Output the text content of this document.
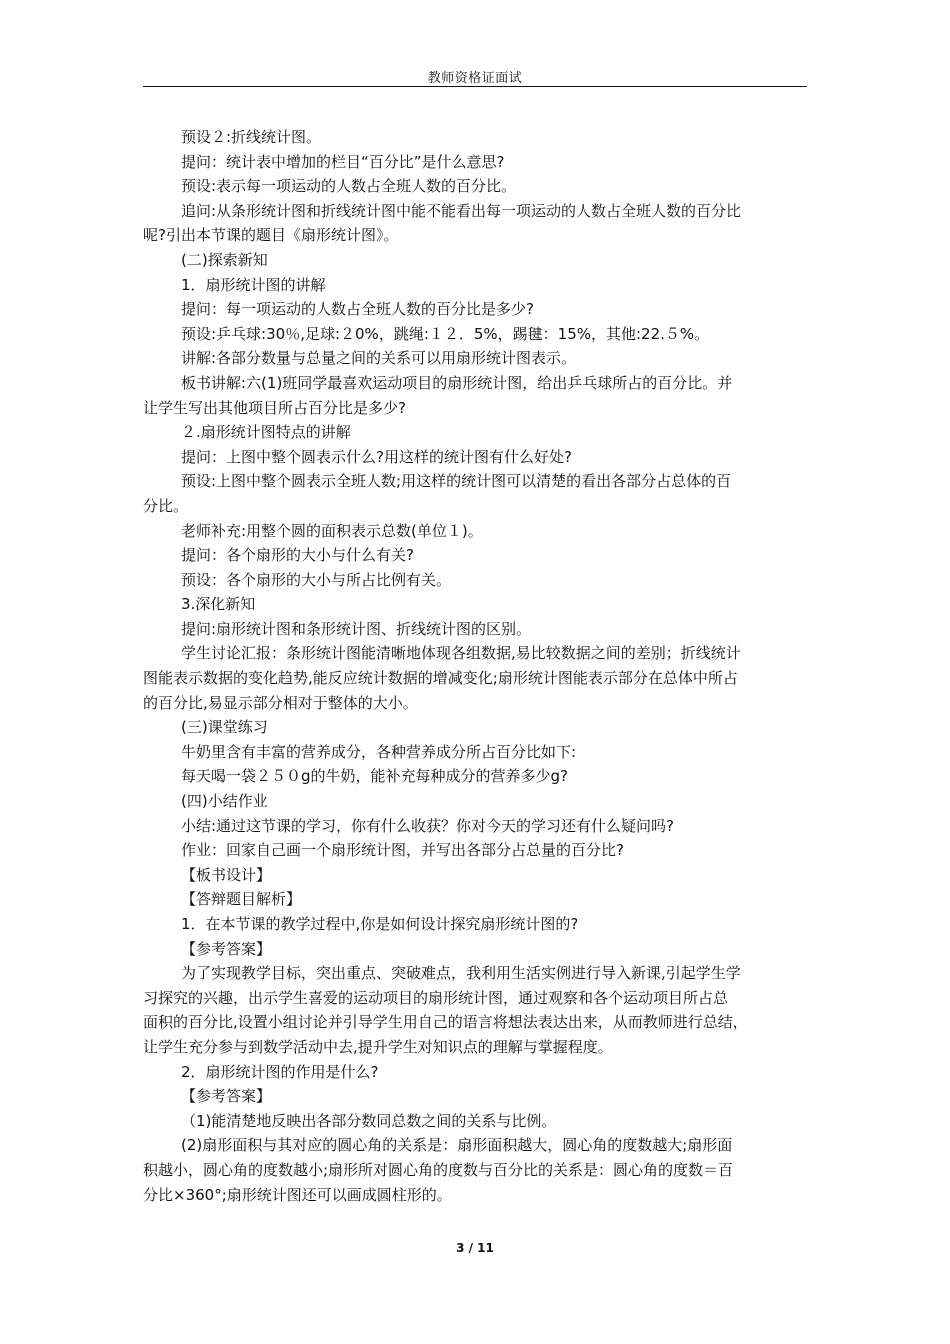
教师资格证面试
预设２:折线统计图。
提问：统计表中增加的栏目“百分比”是什么意思?
预设:表示每一项运动的人数占全班人数的百分比。
追问:从条形统计图和折线统计图中能不能看出每一项运动的人数占全班人数的百分比
呢?引出本节课的题目《扇形统计图》。
(二)探索新知
1．扇形统计图的讲解
提问：每一项运动的人数占全班人数的百分比是多少?
预设:乒乓球:30％,足球:２0%，跳绳:１２．5%，踢毽：15%，其他:22.５%。
讲解:各部分数量与总量之间的关系可以用扇形统计图表示。
板书讲解:六(1)班同学最喜欢运动项目的扇形统计图，给出乒乓球所占的百分比。并
让学生写出其他项目所占百分比是多少?
２.扇形统计图特点的讲解
提问：上图中整个圆表示什么?用这样的统计图有什么好处?
预设:上图中整个圆表示全班人数;用这样的统计图可以清楚的看出各部分占总体的百
分比。
老师补充:用整个圆的面积表示总数(单位１)。
提问：各个扇形的大小与什么有关?
预设：各个扇形的大小与所占比例有关。
3.深化新知
提问:扇形统计图和条形统计图、折线统计图的区别。
学生讨论汇报：条形统计图能清晰地体现各组数据,易比较数据之间的差别；折线统计
图能表示数据的变化趋势,能反应统计数据的增减变化;扇形统计图能表示部分在总体中所占
的百分比,易显示部分相对于整体的大小。
(三)课堂练习
牛奶里含有丰富的营养成分，各种营养成分所占百分比如下:
每天喝一袋２５０g的牛奶，能补充每种成分的营养多少g?
(四)小结作业
小结:通过这节课的学习，你有什么收获？你对今天的学习还有什么疑问吗?
作业：回家自己画一个扇形统计图，并写出各部分占总量的百分比?
【板书设计】
【答辩题目解析】
1．在本节课的教学过程中,你是如何设计探究扇形统计图的?
【参考答案】
为了实现教学目标，突出重点、突破难点，我利用生活实例进行导入新课,引起学生学
习探究的兴趣，出示学生喜爱的运动项目的扇形统计图，通过观察和各个运动项目所占总
面积的百分比,设置小组讨论并引导学生用自己的语言将想法表达出来，从而教师进行总结，
让学生充分参与到数学活动中去,提升学生对知识点的理解与掌握程度。
2．扇形统计图的作用是什么?
【参考答案】
（1)能清楚地反映出各部分数同总数之间的关系与比例。
(2)扇形面积与其对应的圆心角的关系是：扇形面积越大，圆心角的度数越大;扇形面
积越小，圆心角的度数越小;扇形所对圆心角的度数与百分比的关系是：圆心角的度数＝百
分比×360°;扇形统计图还可以画成圆柱形的。
3 / 11
